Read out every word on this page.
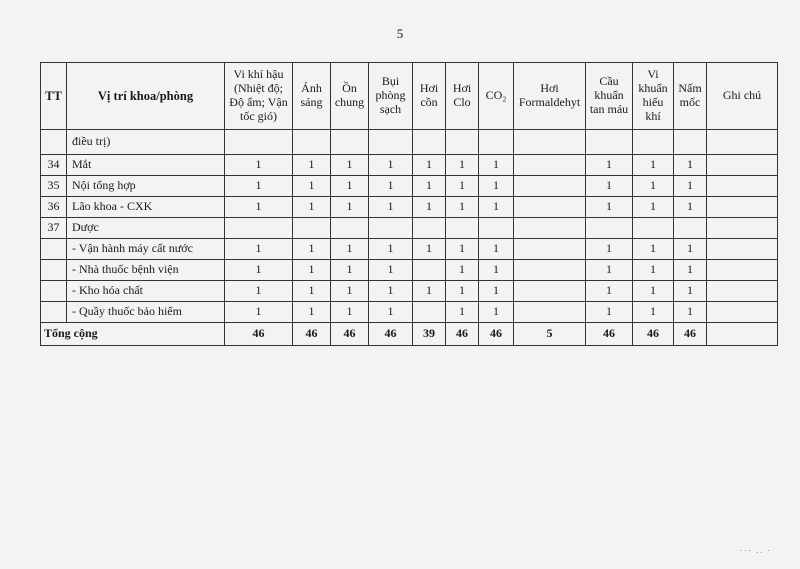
5
TT	Vị trí khoa/phòng	Vi khí hậu (Nhiệt độ; Độ ẩm; Vận tốc gió)	Ánh sáng	Ồn chung	Bụi phòng sạch	Hơi cồn	Hơi Clo	CO₂	Hơi Formaldehyt	Cầu khuẩn tan máu	Vi khuẩn hiếu khí	Nấm mốc	Ghi chú
	điều trị)												
34	Mắt	1	1	1	1	1	1	1		1	1	1	
35	Nội tổng hợp	1	1	1	1	1	1	1		1	1	1	
36	Lão khoa - CXK	1	1	1	1	1	1	1		1	1	1	
37	Dược												
	- Vận hành máy cất nước	1	1	1	1	1	1	1		1	1	1	
	- Nhà thuốc bệnh viện	1	1	1	1		1	1		1	1	1	
	- Kho hóa chất	1	1	1	1	1	1	1		1	1	1	
	- Quầy thuốc bảo hiểm	1	1	1	1		1	1		1	1	1	
Tổng cộng		46	46	46	46	39	46	46	5	46	46	46	
·​·· .. ·
